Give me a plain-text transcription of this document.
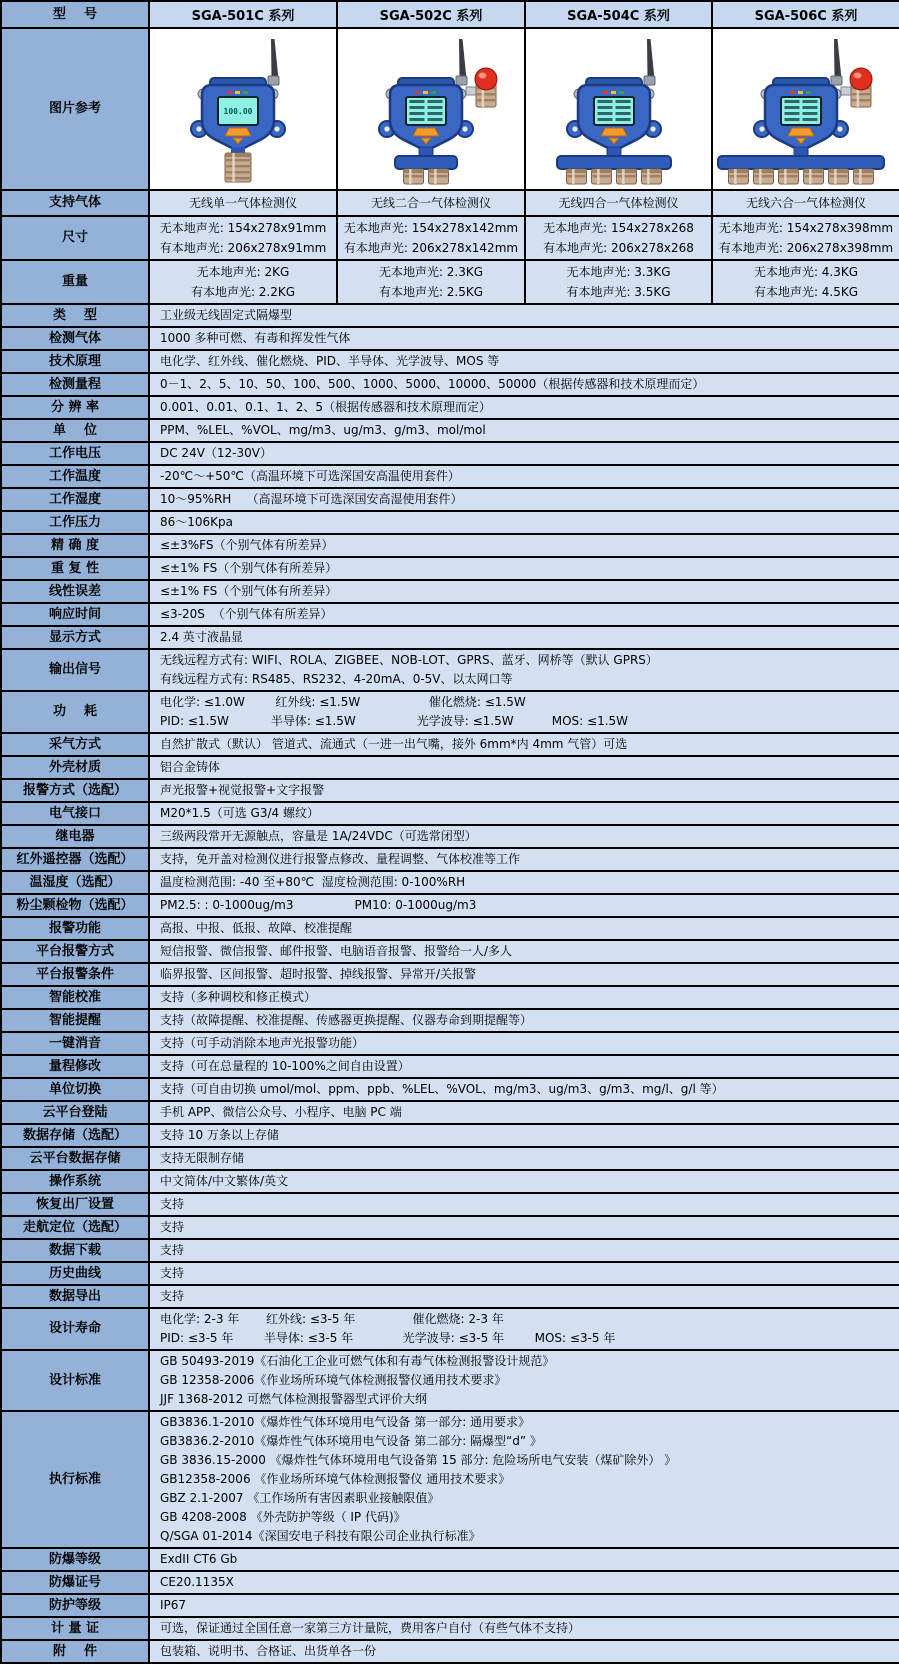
型    号	SGA-501C 系列	SGA-502C 系列	SGA-504C 系列	SGA-506C 系列
图片参考	100.00

支持气体	无线单一气体检测仪	无线二合一气体检测仪	无线四合一气体检测仪	无线六合一气体检测仪
尺寸	
无本地声光: 154x278x91mm
有本地声光: 206x278x91mm

无本地声光: 154x278x142mm
有本地声光: 206x278x142mm

无本地声光: 154x278x268
有本地声光: 206x278x268

无本地声光: 154x278x398mm
有本地声光: 206x278x398mm

重量	
无本地声光: 2KG
有本地声光: 2.2KG

无本地声光: 2.3KG
有本地声光: 2.5KG

无本地声光: 3.3KG
有本地声光: 3.5KG

无本地声光: 4.3KG
有本地声光: 4.5KG

类    型	工业级无线固定式隔爆型			
检测气体	1000 多种可燃、有毒和挥发性气体			
技术原理	电化学、红外线、催化燃烧、PID、半导体、光学波导、MOS 等			
检测量程	0－1、2、5、10、50、100、500、1000、5000、10000、50000（根据传感器和技术原理而定）			
分 辨 率	0.001、0.01、0.1、1、2、5（根据传感器和技术原理而定）			
单    位	PPM、%LEL、%VOL、mg/m3、ug/m3、g/m3、mol/mol			
工作电压	DC 24V（12-30V）			
工作温度	-20℃～+50℃（高温环境下可选深国安高温使用套件）			
工作湿度	10～95%RH    （高湿环境下可选深国安高湿使用套件）			
工作压力	86～106Kpa			
精 确 度	≤±3%FS（个别气体有所差异）			
重 复 性	≤±1% FS（个别气体有所差异）			
线性误差	≤±1% FS（个别气体有所差异）			
响应时间	≤3-20S  （个别气体有所差异）			
显示方式	2.4 英寸液晶显			
输出信号	无线远程方式有: WIFI、ROLA、ZIGBEE、NOB-LOT、GPRS、蓝牙、网桥等（默认 GPRS）
有线远程方式有: RS485、RS232、4-20mA、0-5V、以太网口等			

功    耗	电化学: ≤1.0W        红外线: ≤1.5W                  催化燃烧: ≤1.5W
PID: ≤1.5W           半导体: ≤1.5W                光学波导: ≤1.5W          MOS: ≤1.5W			

采气方式	自然扩散式（默认） 管道式、流通式（一进一出气嘴，接外 6mm*内 4mm 气管）可选			
外壳材质	铝合金铸体			
报警方式（选配）	声光报警+视觉报警+文字报警			
电气接口	M20*1.5（可选 G3/4 螺纹）			
继电器	三级两段常开无源触点，容量是 1A/24VDC（可选常闭型）			
红外遥控器（选配）	支持，免开盖对检测仪进行报警点修改、量程调整、气体校准等工作			
温湿度（选配）	温度检测范围: -40 至+80℃  湿度检测范围: 0-100%RH			
粉尘颗检物（选配）	PM2.5: : 0-1000ug/m3                PM10: 0-1000ug/m3			
报警功能	高报、中报、低报、故障、校准提醒			
平台报警方式	短信报警、微信报警、邮件报警、电脑语音报警、报警给一人/多人			
平台报警条件	临界报警、区间报警、超时报警、掉线报警、异常开/关报警			
智能校准	支持（多种调校和修正模式）			
智能提醒	支持（故障提醒、校准提醒、传感器更换提醒、仪器寿命到期提醒等）			
一键消音	支持（可手动消除本地声光报警功能）			
量程修改	支持（可在总量程的 10-100%之间自由设置）			
单位切换	支持（可自由切换 umol/mol、ppm、ppb、%LEL、%VOL、mg/m3、ug/m3、g/m3、mg/l、g/l 等）			
云平台登陆	手机 APP、微信公众号、小程序、电脑 PC 端			
数据存储（选配）	支持 10 万条以上存储			
云平台数据存储	支持无限制存储			
操作系统	中文简体/中文繁体/英文			
恢复出厂设置	支持			
走航定位（选配）	支持			
数据下载	支持			
历史曲线	支持			
数据导出	支持			
设计寿命	电化学: 2-3 年       红外线: ≤3-5 年               催化燃烧: 2-3 年
PID: ≤3-5 年        半导体: ≤3-5 年             光学波导: ≤3-5 年        MOS: ≤3-5 年			

设计标准	GB 50493-2019《石油化工企业可燃气体和有毒气体检测报警设计规范》
GB 12358-2006《作业场所环境气体检测报警仪通用技术要求》
JJF 1368-2012 可燃气体检测报警器型式评价大纲			

执行标准	
GB3836.1-2010《爆炸性气体环境用电气设备 第一部分: 通用要求》
GB3836.2-2010《爆炸性气体环境用电气设备 第二部分: 隔爆型“d” 》
GB 3836.15-2000 《爆炸性气体环境用电气设备第 15 部分: 危险场所电气安装（煤矿除外） 》
GB12358-2006 《作业场所环境气体检测报警仪 通用技术要求》
GBZ 2.1-2007 《工作场所有害因素职业接触限值》
GB 4208-2008 《外壳防护等级（ IP 代码)》
Q/SGA 01-2014《深国安电子科技有限公司企业执行标准》

防爆等级	ExdII CT6 Gb			
防爆证号	CE20.1135X			
防护等级	IP67			
计 量 证	可选，保证通过全国任意一家第三方计量院，费用客户自付（有些气体不支持）			
附    件	包装箱、说明书、合格证、出货单各一份			
